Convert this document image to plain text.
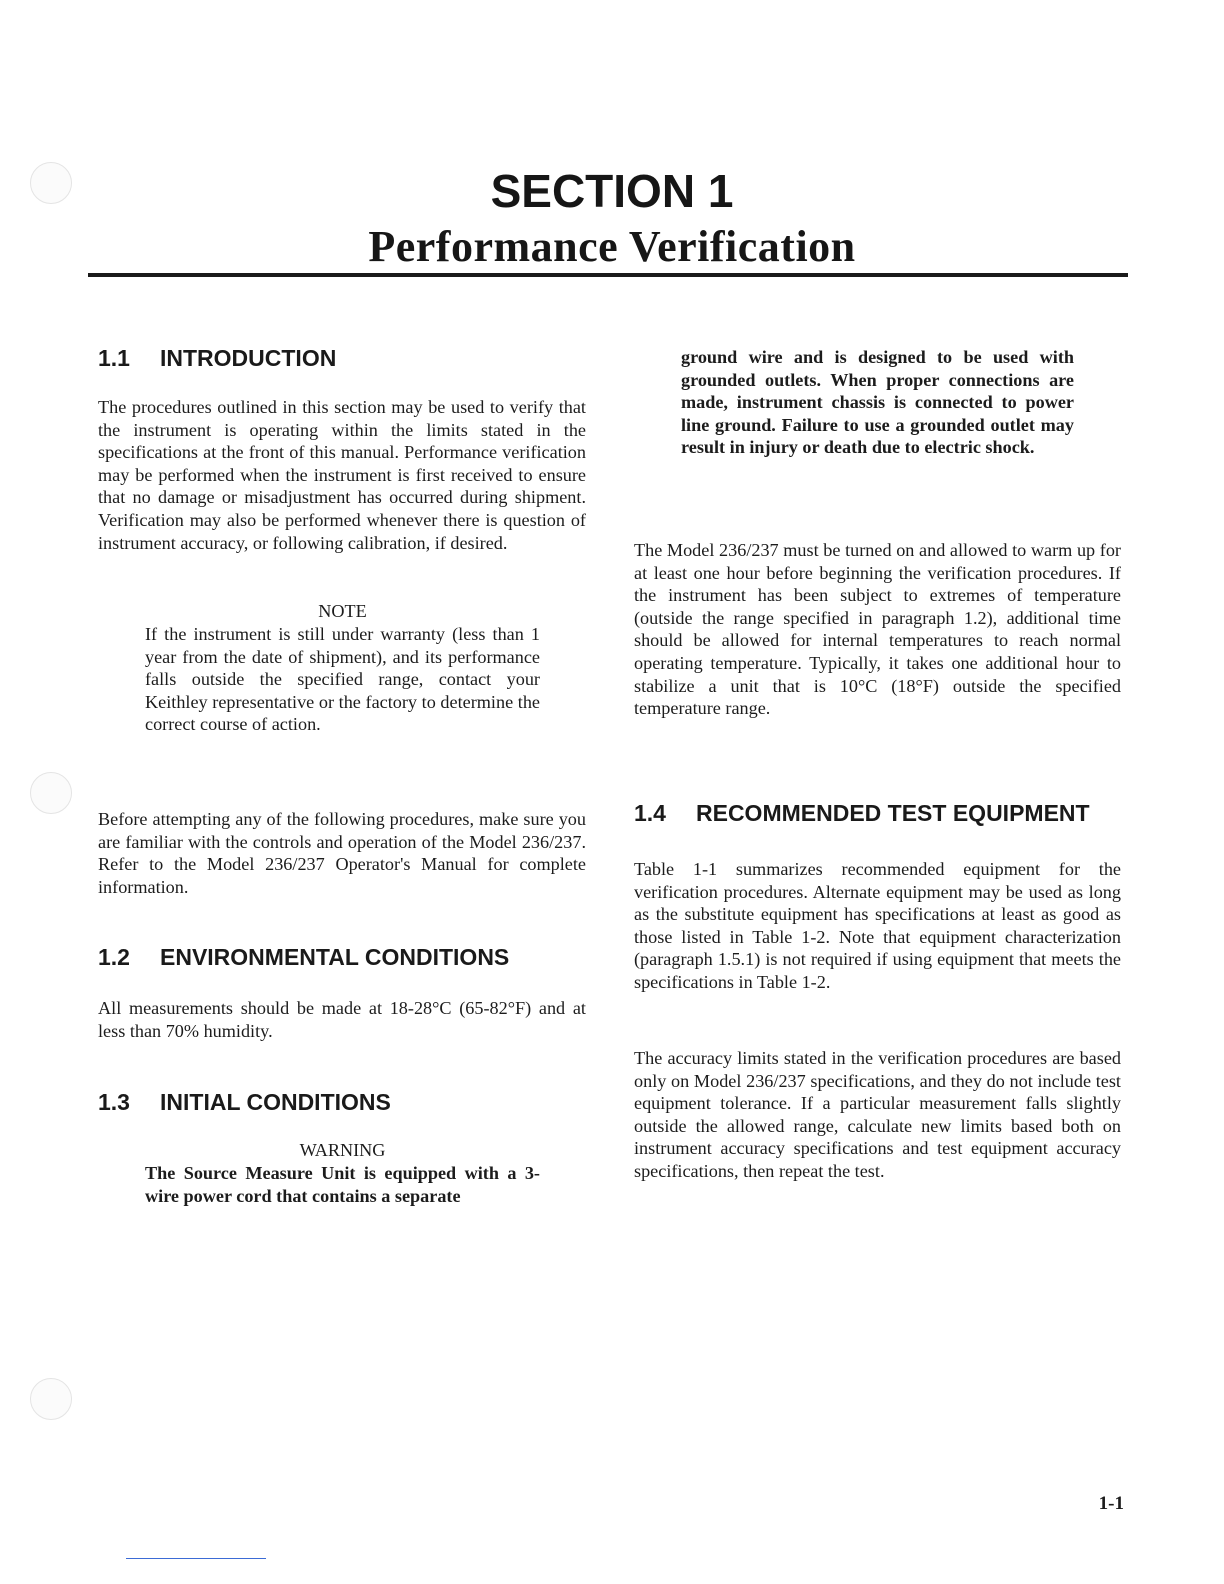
SECTION 1
Performance Verification
1.1 INTRODUCTION

The procedures outlined in this section may be used to verify that the instrument is operating within the limits stated in the specifications at the front of this manual. Performance verification may be performed when the instrument is first received to ensure that no damage or misadjustment has occurred during shipment. Verification may also be performed whenever there is question of instrument accuracy, or following calibration, if desired.

NOTE

If the instrument is still under warranty (less than 1 year from the date of shipment), and its performance falls outside the specified range, contact your Keithley representative or the factory to determine the correct course of action.

Before attempting any of the following procedures, make sure you are familiar with the controls and operation of the Model 236/237. Refer to the Model 236/237 Operator's Manual for complete information.

1.2 ENVIRONMENTAL CONDITIONS

All measurements should be made at 18-28°C (65-82°F) and at less than 70% humidity.

1.3 INITIAL CONDITIONS
WARNING

The Source Measure Unit is equipped with a 3-wire power cord that contains a separate

ground wire and is designed to be used with grounded outlets. When proper connections are made, instrument chassis is connected to power line ground. Failure to use a grounded outlet may result in injury or death due to electric shock.

The Model 236/237 must be turned on and allowed to warm up for at least one hour before beginning the verification procedures. If the instrument has been subject to extremes of temperature (outside the range specified in paragraph 1.2), additional time should be allowed for internal temperatures to reach normal operating temperature. Typically, it takes one additional hour to stabilize a unit that is 10°C (18°F) outside the specified temperature range.

1.4 RECOMMENDED TEST EQUIPMENT

Table 1-1 summarizes recommended equipment for the verification procedures. Alternate equipment may be used as long as the substitute equipment has specifications at least as good as those listed in Table 1-2. Note that equipment characterization (paragraph 1.5.1) is not required if using equipment that meets the specifications in Table 1-2.

The accuracy limits stated in the verification procedures are based only on Model 236/237 specifications, and they do not include test equipment tolerance. If a particular measurement falls slightly outside the allowed range, calculate new limits based both on instrument accuracy specifications and test equipment accuracy specifications, then repeat the test.

1-1
